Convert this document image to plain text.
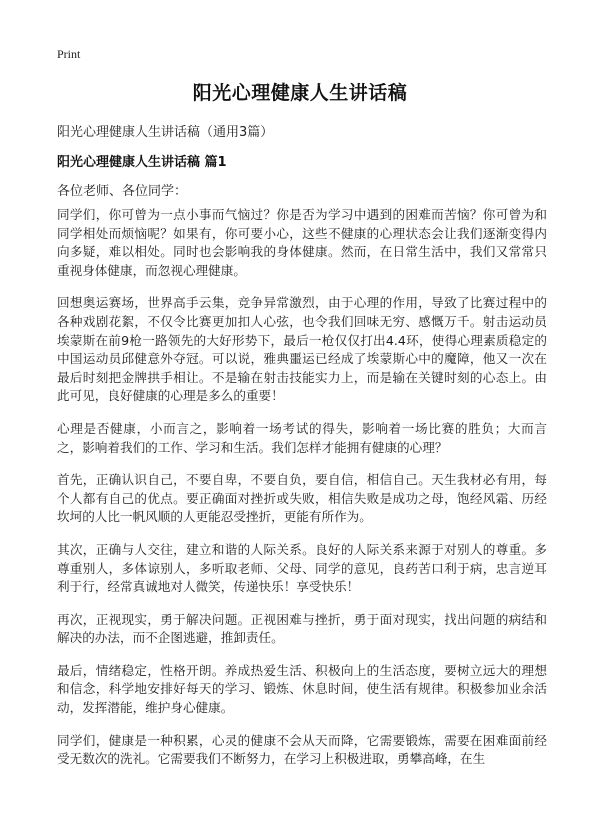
Print
阳光心理健康人生讲话稿
阳光心理健康人生讲话稿（通用3篇）
阳光心理健康人生讲话稿 篇1
各位老师、各位同学：

同学们，你可曾为一点小事而气恼过？你是否为学习中遇到的困难而苦恼？你可曾为和同学相处而烦恼呢？如果有，你可要小心，这些不健康的心理状态会让我们逐渐变得内向多疑，难以相处。同时也会影响我的身体健康。然而，在日常生活中，我们又常常只重视身体健康，而忽视心理健康。

回想奥运赛场，世界高手云集，竞争异常激烈，由于心理的作用，导致了比赛过程中的各种戏剧花絮，不仅令比赛更加扣人心弦，也令我们回味无穷、感慨万千。射击运动员埃蒙斯在前9枪一路领先的大好形势下，最后一枪仅仅打出4.4环，使得心理素质稳定的中国运动员邱健意外夺冠。可以说，雅典噩运已经成了埃蒙斯心中的魔障，他又一次在最后时刻把金牌拱手相让。不是输在射击技能实力上，而是输在关键时刻的心态上。由此可见，良好健康的心理是多么的重要！

心理是否健康，小而言之，影响着一场考试的得失，影响着一场比赛的胜负；大而言之，影响着我们的工作、学习和生活。我们怎样才能拥有健康的心理？

首先，正确认识自己，不要自卑，不要自负，要自信，相信自己。天生我材必有用，每个人都有自己的优点。要正确面对挫折或失败，相信失败是成功之母，饱经风霜、历经坎坷的人比一帆风顺的人更能忍受挫折，更能有所作为。

其次，正确与人交往，建立和谐的人际关系。良好的人际关系来源于对别人的尊重。多尊重别人，多体谅别人，多听取老师、父母、同学的意见，良药苦口利于病，忠言逆耳利于行，经常真诚地对人微笑，传递快乐！享受快乐！

再次，正视现实，勇于解决问题。正视困难与挫折，勇于面对现实，找出问题的病结和解决的办法，而不企图逃避，推卸责任。

最后，情绪稳定，性格开朗。养成热爱生活、积极向上的生活态度，要树立远大的理想和信念，科学地安排好每天的学习、锻炼、休息时间，使生活有规律。积极参加业余活动，发挥潜能，维护身心健康。

同学们，健康是一种积累，心灵的健康不会从天而降，它需要锻炼，需要在困难面前经受无数次的洗礼。它需要我们不断努力，在学习上积极进取，勇攀高峰，在生
